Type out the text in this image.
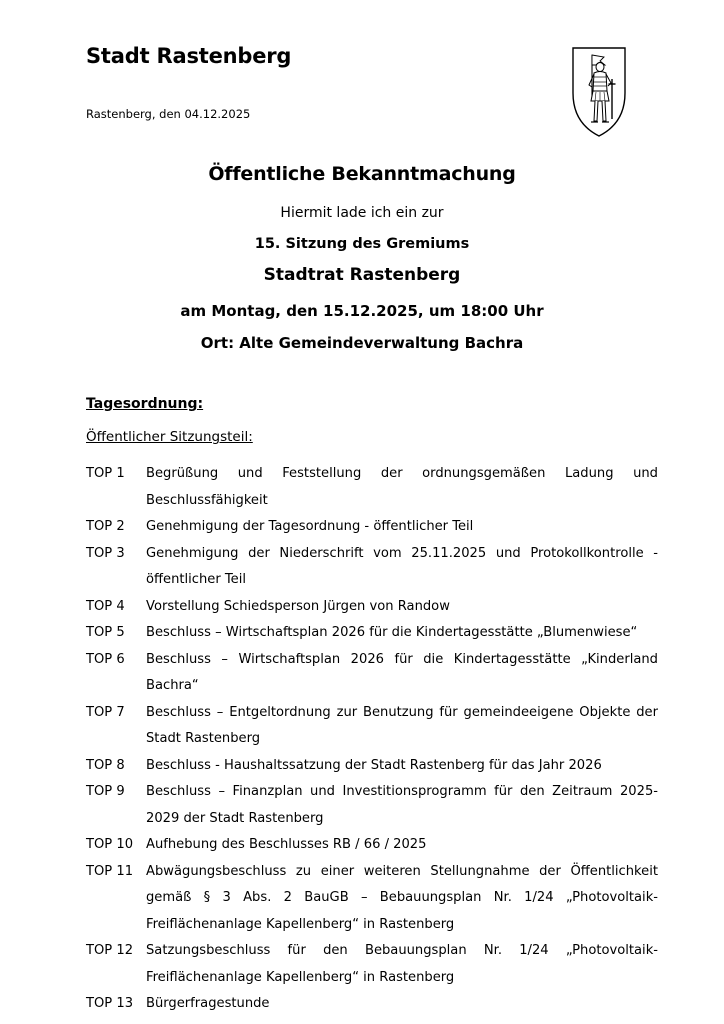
Stadt Rastenberg

Rastenberg, den 04.12.2025

Öffentliche Bekanntmachung

Hiermit lade ich ein zur

15. Sitzung des Gremiums

Stadtrat Rastenberg

am Montag, den 15.12.2025, um 18:00 Uhr

Ort: Alte Gemeindeverwaltung Bachra

Tagesordnung:

Öffentlicher Sitzungsteil:

TOP 1	Begrüßung und Feststellung der ordnungsgemäßen Ladung und Beschlussfähigkeit
TOP 2	Genehmigung der Tagesordnung - öffentlicher Teil
TOP 3	Genehmigung der Niederschrift vom 25.11.2025 und Protokollkontrolle - öffentlicher Teil
TOP 4	Vorstellung Schiedsperson Jürgen von Randow
TOP 5	Beschluss – Wirtschaftsplan 2026 für die Kindertagesstätte „Blumenwiese“
TOP 6	Beschluss – Wirtschaftsplan 2026 für die Kindertagesstätte „Kinderland Bachra“
TOP 7	Beschluss – Entgeltordnung zur Benutzung für gemeindeeigene Objekte der Stadt Rastenberg
TOP 8	Beschluss - Haushaltssatzung der Stadt Rastenberg für das Jahr 2026
TOP 9	Beschluss – Finanzplan und Investitionsprogramm für den Zeitraum 2025-2029 der Stadt Rastenberg
TOP 10 Aufhebung des Beschlusses RB / 66 / 2025
TOP 11 Abwägungsbeschluss zu einer weiteren Stellungnahme der Öffentlichkeit gemäß § 3 Abs. 2 BauGB – Bebauungsplan Nr. 1/24 „Photovoltaik-Freiflächenanlage Kapellenberg“ in Rastenberg
TOP 12 Satzungsbeschluss für den Bebauungsplan Nr. 1/24 „Photovoltaik-Freiflächenanlage Kapellenberg“ in Rastenberg
TOP 13 Bürgerfragestunde
